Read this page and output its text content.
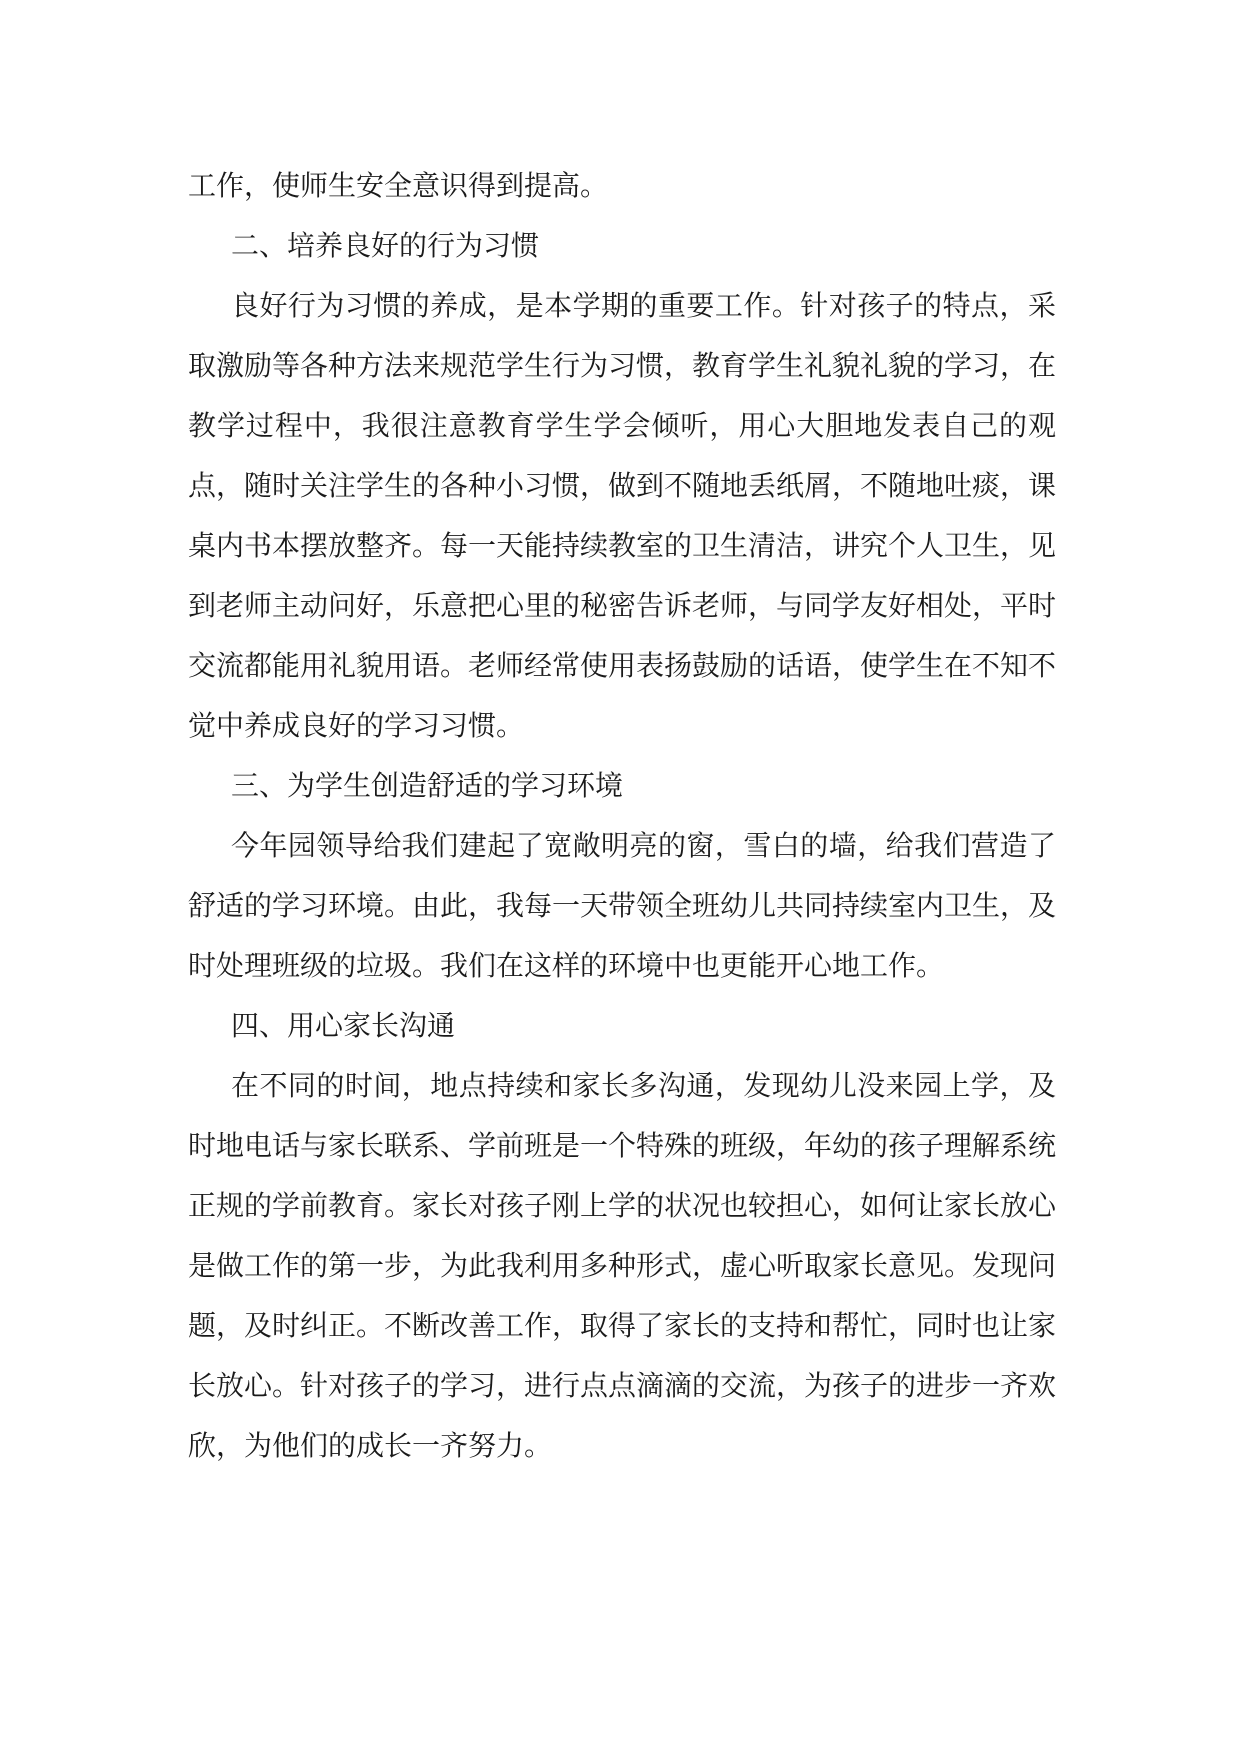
工作，使师生安全意识得到提高。

二、培养良好的行为习惯

良好行为习惯的养成，是本学期的重要工作。针对孩子的特点，采取激励等各种方法来规范学生行为习惯，教育学生礼貌礼貌的学习，在教学过程中，我很注意教育学生学会倾听，用心大胆地发表自己的观点，随时关注学生的各种小习惯，做到不随地丢纸屑，不随地吐痰，课桌内书本摆放整齐。每一天能持续教室的卫生清洁，讲究个人卫生，见到老师主动问好，乐意把心里的秘密告诉老师，与同学友好相处，平时交流都能用礼貌用语。老师经常使用表扬鼓励的话语，使学生在不知不觉中养成良好的学习习惯。

三、为学生创造舒适的学习环境

今年园领导给我们建起了宽敞明亮的窗，雪白的墙，给我们营造了舒适的学习环境。由此，我每一天带领全班幼儿共同持续室内卫生，及时处理班级的垃圾。我们在这样的环境中也更能开心地工作。

四、用心家长沟通

在不同的时间，地点持续和家长多沟通，发现幼儿没来园上学，及时地电话与家长联系、学前班是一个特殊的班级，年幼的孩子理解系统正规的学前教育。家长对孩子刚上学的状况也较担心，如何让家长放心是做工作的第一步，为此我利用多种形式，虚心听取家长意见。发现问题，及时纠正。不断改善工作，取得了家长的支持和帮忙，同时也让家长放心。针对孩子的学习，进行点点滴滴的交流，为孩子的进步一齐欢欣，为他们的成长一齐努力。
